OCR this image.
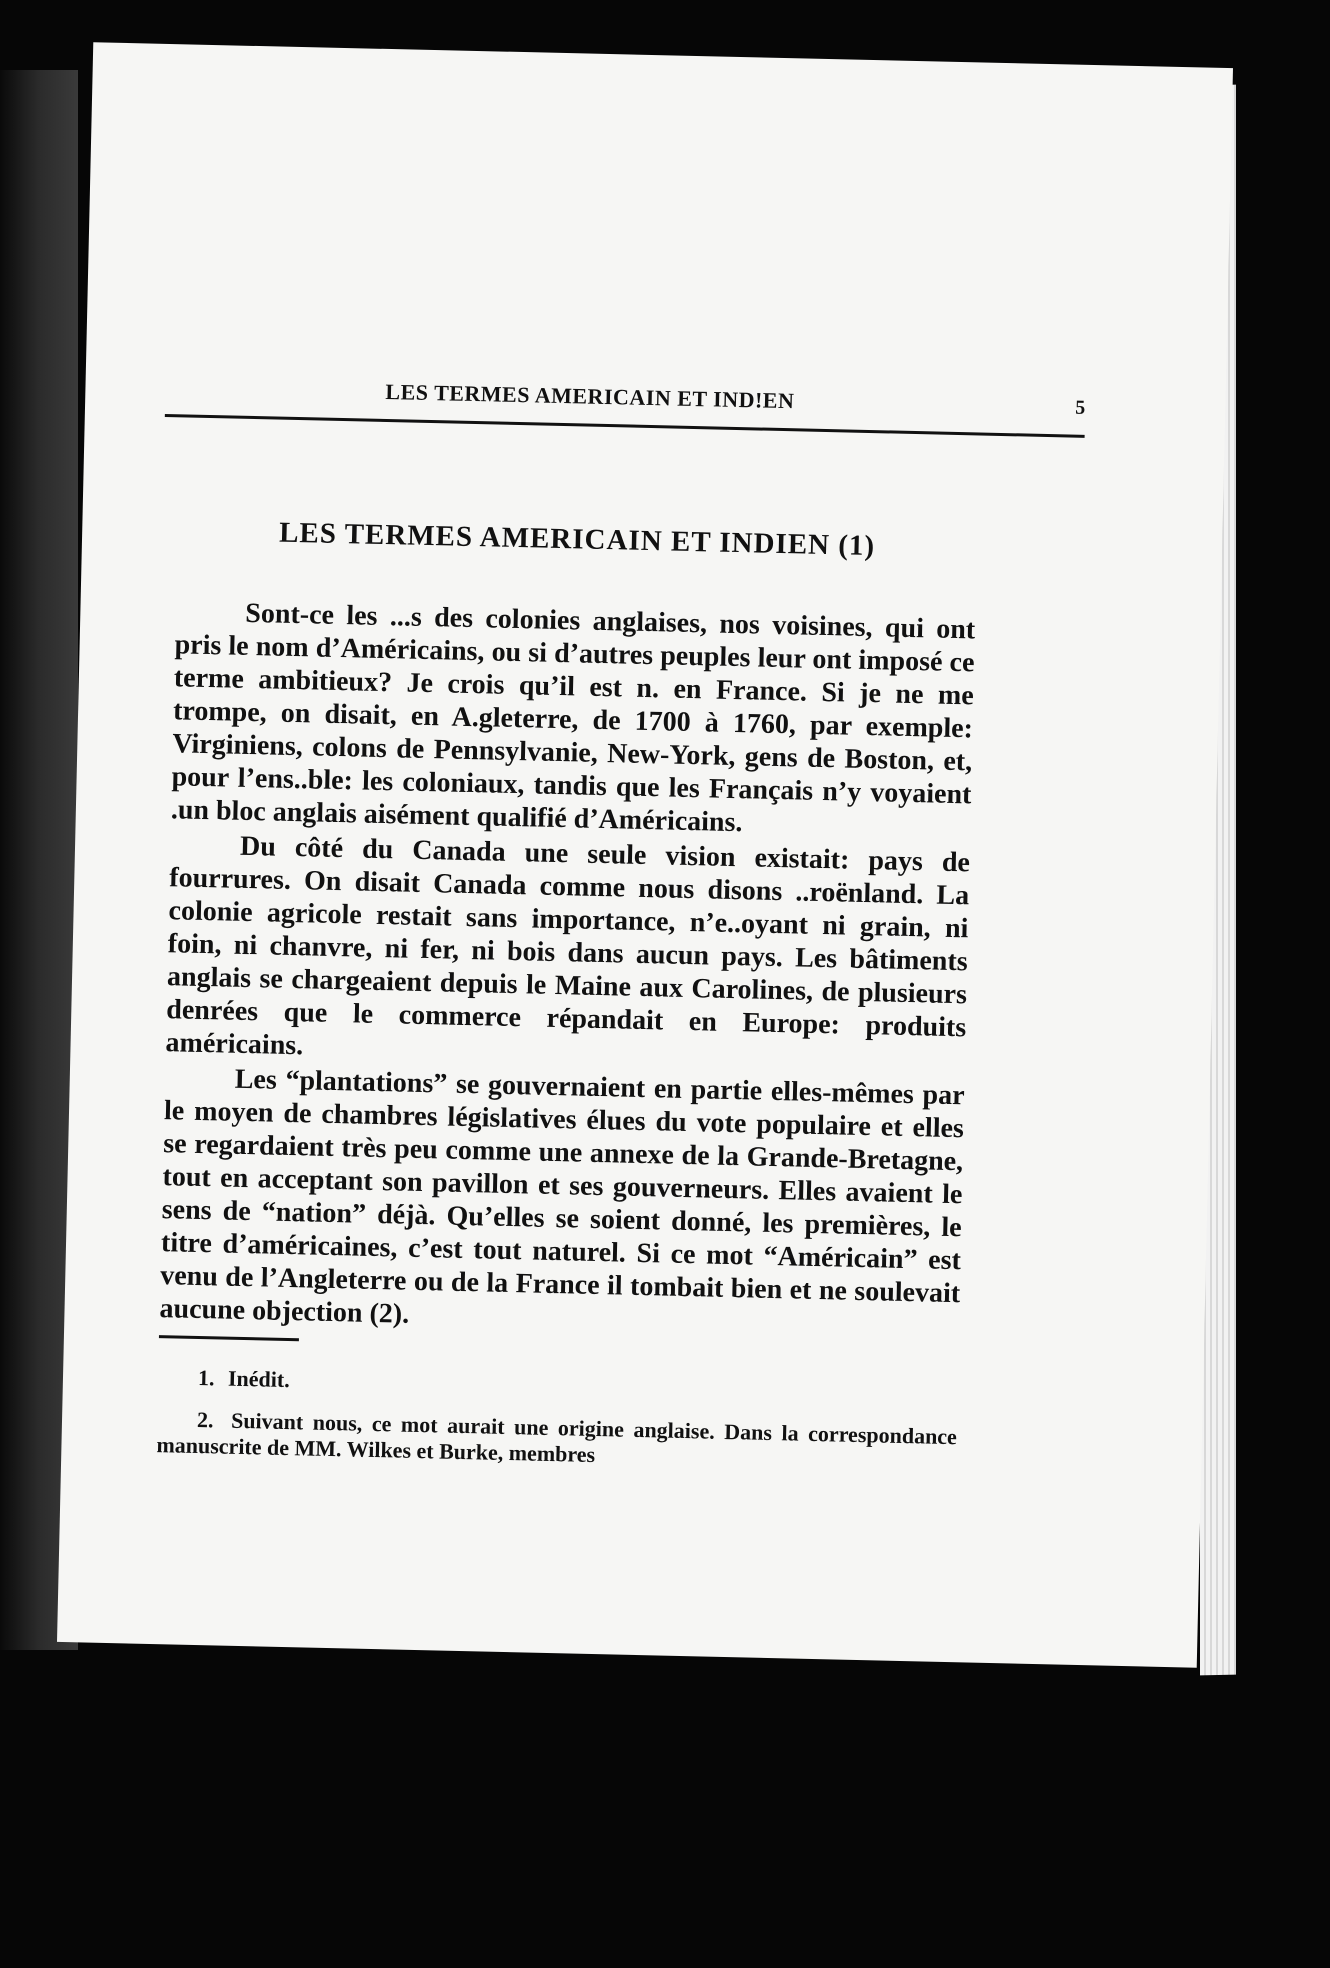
LES TERMES AMERICAIN ET IND!EN	5
LES TERMES AMERICAIN ET INDIEN (1)

Sont-ce les ...s des colonies anglaises, nos voisines, qui ont pris le nom d’Américains, ou si d’autres peuples leur ont imposé ce terme ambitieux? Je crois qu’il est n. en France. Si je ne me trompe, on disait, en A.gleterre, de 1700 à 1760, par exemple: Virginiens, colons de Pennsylvanie, New-York, gens de Boston, et, pour l’ens..ble: les coloniaux, tandis que les Français n’y voyaient .un bloc anglais aisément qualifié d’Américains.

Du côté du Canada une seule vision existait: pays de fourrures. On disait Canada comme nous disons ..roënland. La colonie agricole restait sans importance, n’e..oyant ni grain, ni foin, ni chanvre, ni fer, ni bois dans aucun pays. Les bâtiments anglais se chargeaient depuis le Maine aux Carolines, de plusieurs denrées que le commerce répandait en Europe: produits américains.

Les “plantations” se gouvernaient en partie elles-mêmes par le moyen de chambres législatives élues du vote populaire et elles se regardaient très peu comme une annexe de la Grande-Bretagne, tout en acceptant son pavillon et ses gouverneurs. Elles avaient le sens de “nation” déjà. Qu’elles se soient donné, les premières, le titre d’américaines, c’est tout naturel. Si ce mot “Américain” est venu de l’Angleterre ou de la France il tombait bien et ne soulevait aucune objection (2).

1. Inédit.
2. Suivant nous, ce mot aurait une origine anglaise. Dans la correspondance manuscrite de MM. Wilkes et Burke, membres
